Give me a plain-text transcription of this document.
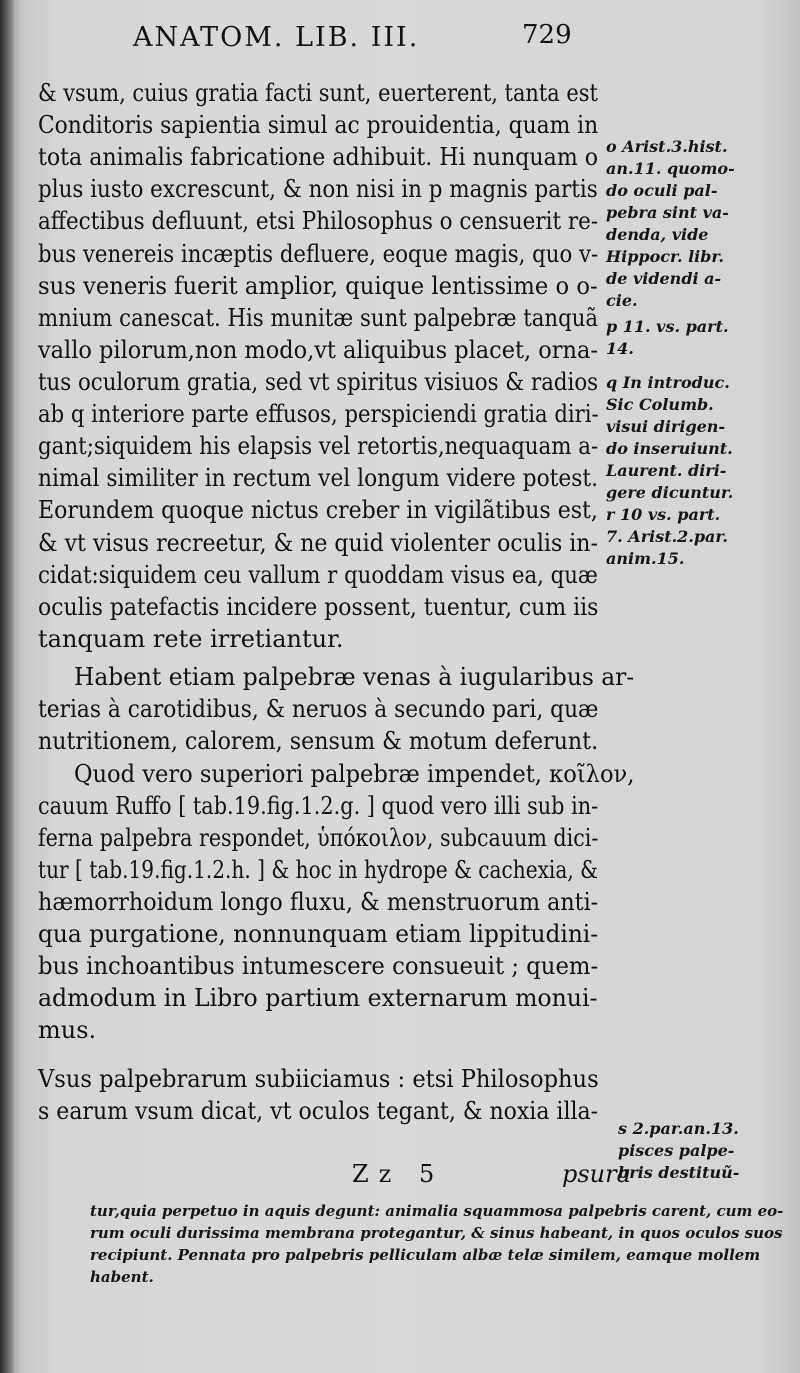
ANATOM. LIB. III.	729
& vsum, cuius gratia facti sunt, euerterent, tanta est
Conditoris sapientia simul ac prouidentia, quam in
tota animalis fabricatione adhibuit. Hi nunquam o
plus iusto excrescunt, & non nisi in p magnis partis
affectibus defluunt, etsi Philosophus o censuerit re-
bus venereis incæptis defluere, eoque magis, quo v-
sus veneris fuerit amplior, quique lentissime o o-
mnium canescat. His munitæ sunt palpebræ tanquã
vallo pilorum,non modo,vt aliquibus placet, orna-
tus oculorum gratia, sed vt spiritus visiuos & radios
ab q interiore parte effusos, perspiciendi gratia diri-
gant;siquidem his elapsis vel retortis,nequaquam a-
nimal similiter in rectum vel longum videre potest.
Eorundem quoque nictus creber in vigilãtibus est,
& vt visus recreetur, & ne quid violenter oculis in-
cidat:siquidem ceu vallum r quoddam visus ea, quæ
oculis patefactis incidere possent, tuentur, cum iis
tanquam rete irretiantur.
Habent etiam palpebræ venas à iugularibus ar-
terias à carotidibus, & neruos à secundo pari, quæ
nutritionem, calorem, sensum & motum deferunt.
Quod vero superiori palpebræ impendet, κοῖλον,
cauum Ruffo [ tab.19.fig.1.2.g. ] quod vero illi sub in-
ferna palpebra respondet, ὑπόκοιλον, subcauum dici-
tur [ tab.19.fig.1.2.h. ] & hoc in hydrope & cachexia, &
hæmorrhoidum longo fluxu, & menstruorum anti-
qua purgatione, nonnunquam etiam lippitudini-
bus inchoantibus intumescere consueuit ; quem-
admodum in Libro partium externarum monui-
mus.
Vsus palpebrarum subiiciamus : etsi Philosophus
s earum vsum dicat, vt oculos tegant, & noxia illa-
o Arist.3.hist.
an.11. quomo-
do oculi pal-
pebra sint va-
denda, vide
Hippocr. libr.
de videndi a-
cie.
p 11. vs. part.
14.
q In introduc.
Sic Columb.
visui dirigen-
do inseruiunt.
Laurent. diri-
gere dicuntur.
r 10 vs. part.
7. Arist.2.par.
anim.15.
s 2.par.an.13.
pisces palpe-
bris destituũ-
Zz 5	psura
tur,quia perpetuo in aquis degunt: animalia squammosa palpebris carent, cum eo-
rum oculi durissima membrana protegantur, & sinus habeant, in quos oculos suos
recipiunt. Pennata pro palpebris pelliculam albæ telæ similem, eamque mollem
habent.
